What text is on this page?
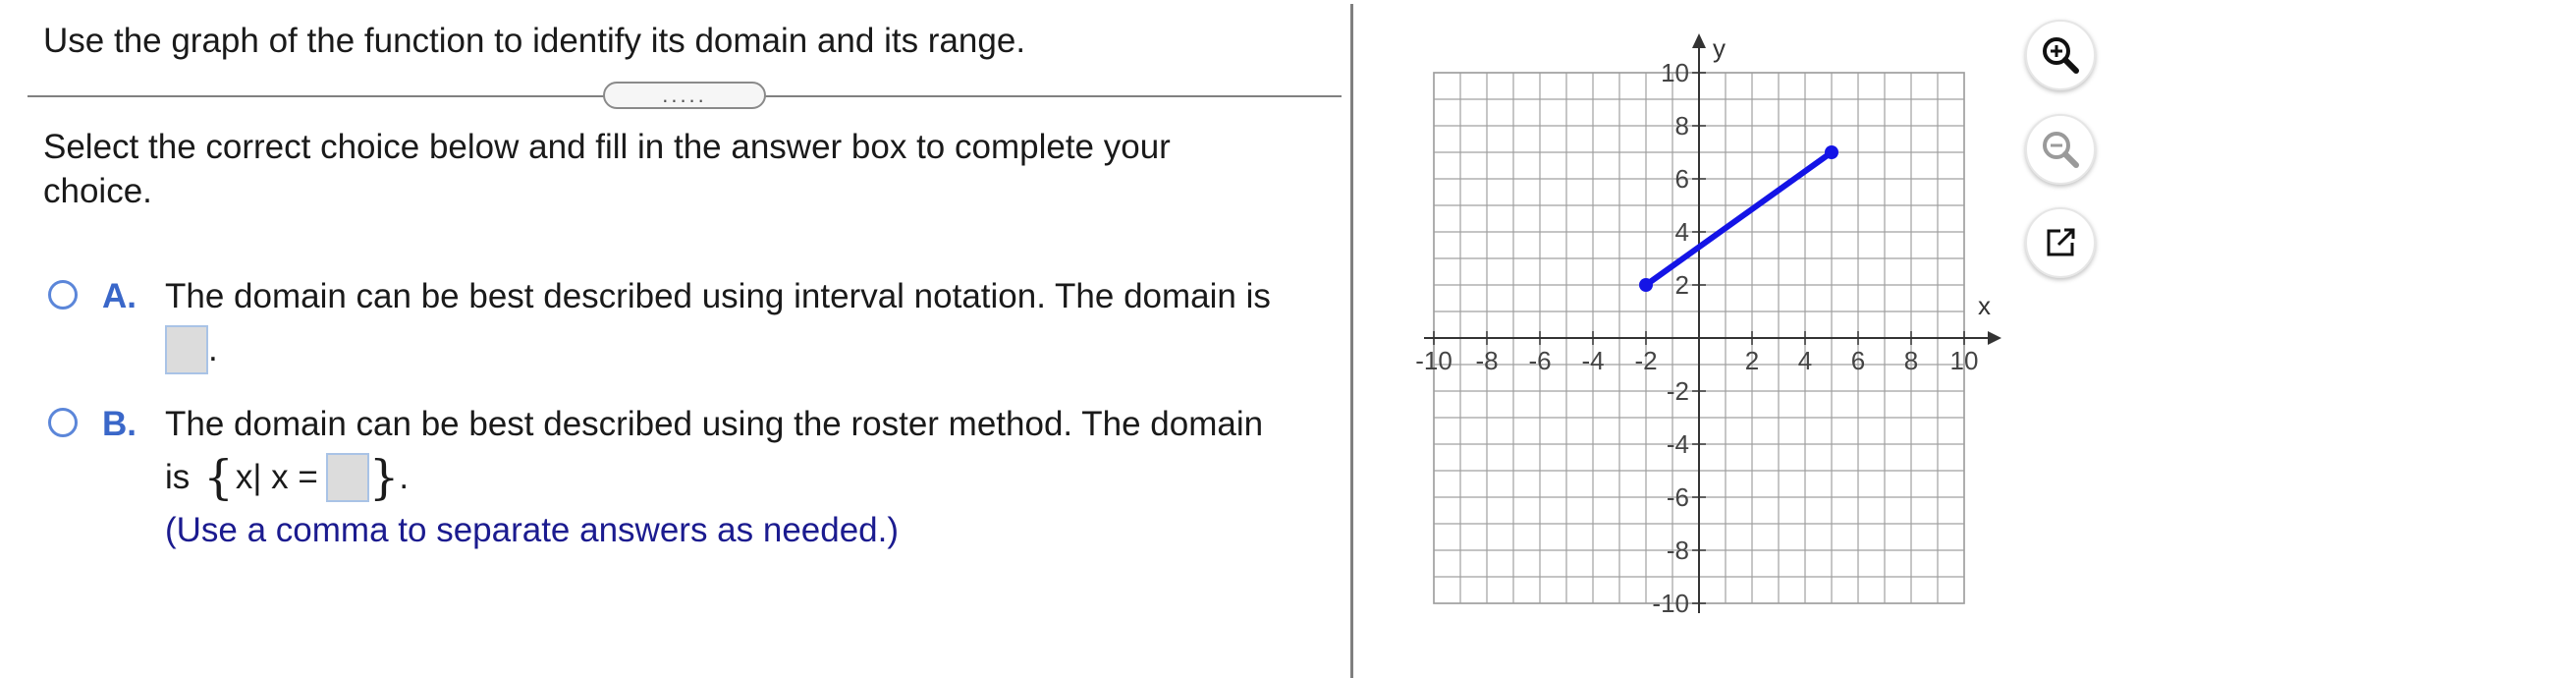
Use the graph of the function to identify its domain and its range.
.....
Select the correct choice below and fill in the answer box to complete your choice.
A. The domain can be best described using interval notation. The domain is
.
B. The domain can be best described using the roster method. The domain
is { x| x = } .
(Use a comma to separate answers as needed.)
-10 -8 -6 -4 -2	2 4 6 8 10
10
8
6
4
2
-2
-4
-6
-8
-10
x
y
